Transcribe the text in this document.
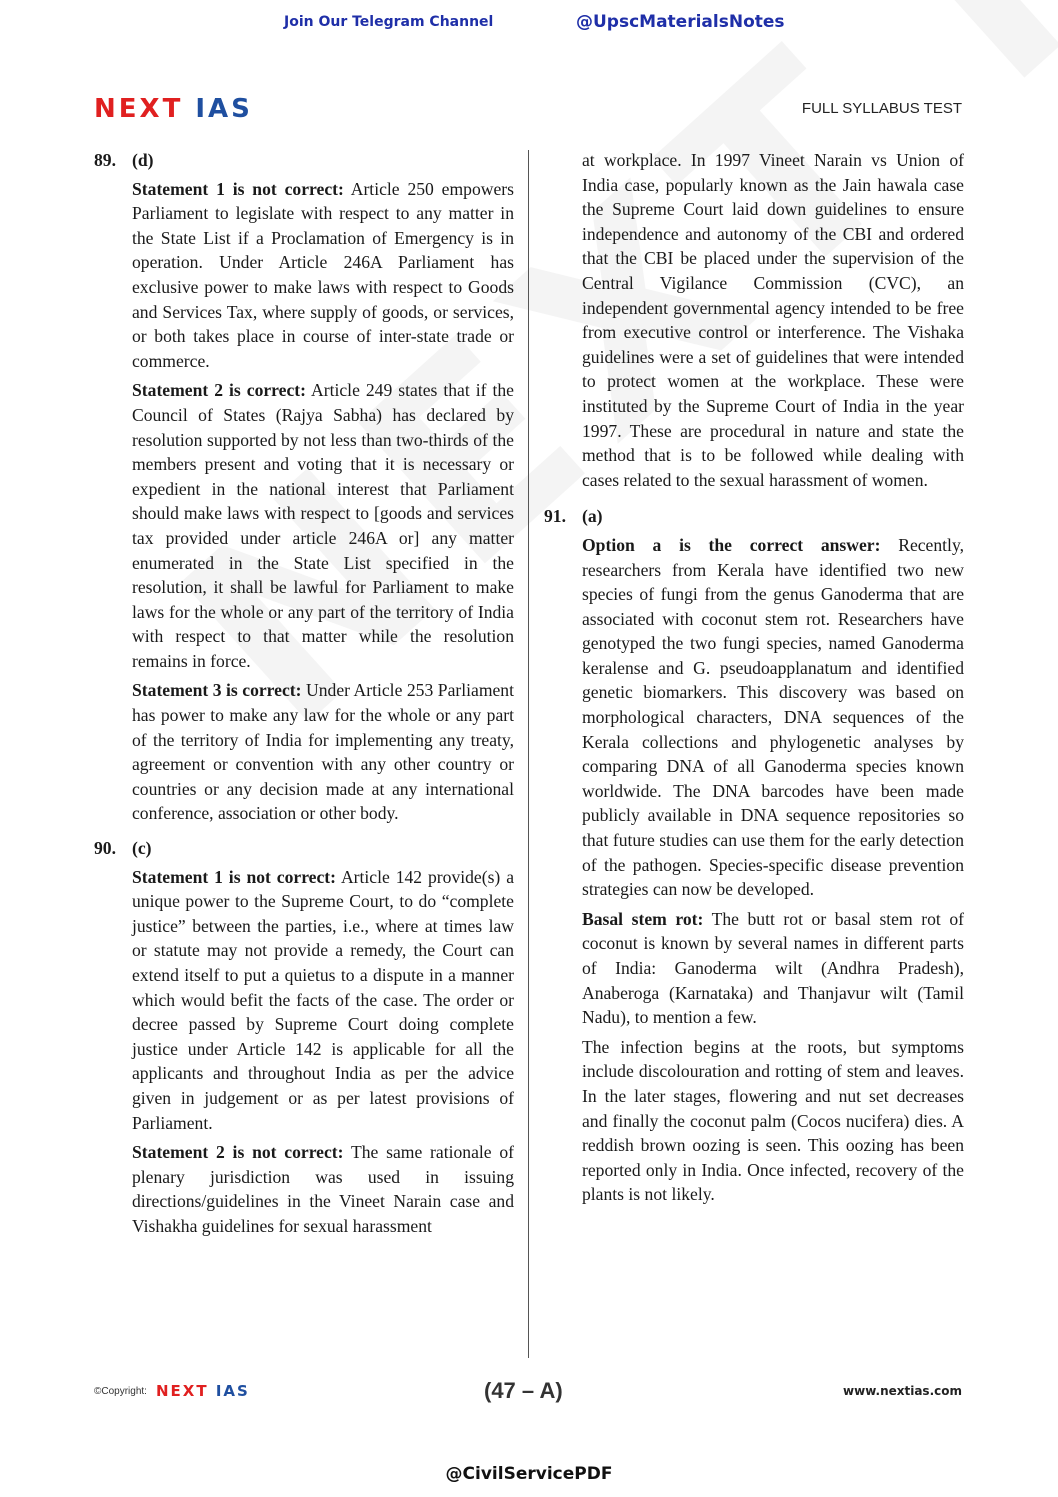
Join Our Telegram Channel	@UpscMaterialsNotes
NEXT IAS	FULL SYLLABUS TEST
89. (d)

Statement 1 is not correct: Article 250 empowers Parliament to legislate with respect to any matter in the State List if a Proclamation of Emergency is in operation. Under Article 246A Parliament has exclusive power to make laws with respect to Goods and Services Tax, where supply of goods, or services, or both takes place in course of inter-state trade or commerce.

Statement 2 is correct: Article 249 states that if the Council of States (Rajya Sabha) has declared by resolution supported by not less than two-thirds of the members present and voting that it is necessary or expedient in the national interest that Parliament should make laws with respect to [goods and services tax provided under article 246A or] any matter enumerated in the State List specified in the resolution, it shall be lawful for Parliament to make laws for the whole or any part of the territory of India with respect to that matter while the resolution remains in force.

Statement 3 is correct: Under Article 253 Parliament has power to make any law for the whole or any part of the territory of India for implementing any treaty, agreement or convention with any other country or countries or any decision made at any international conference, association or other body.

90. (c)

Statement 1 is not correct: Article 142 provide(s) a unique power to the Supreme Court, to do “complete justice” between the parties, i.e., where at times law or statute may not provide a remedy, the Court can extend itself to put a quietus to a dispute in a manner which would befit the facts of the case. The order or decree passed by Supreme Court doing complete justice under Article 142 is applicable for all the applicants and throughout India as per the advice given in judgement or as per latest provisions of Parliament.

Statement 2 is not correct: The same rationale of plenary jurisdiction was used in issuing directions/guidelines in the Vineet Narain case and Vishakha guidelines for sexual harassment

at workplace. In 1997 Vineet Narain vs Union of India case, popularly known as the Jain hawala case the Supreme Court laid down guidelines to ensure independence and autonomy of the CBI and ordered that the CBI be placed under the supervision of the Central Vigilance Commission (CVC), an independent governmental agency intended to be free from executive control or interference. The Vishaka guidelines were a set of guidelines that were intended to protect women at the workplace. These were instituted by the Supreme Court of India in the year 1997. These are procedural in nature and state the method that is to be followed while dealing with cases related to the sexual harassment of women.

91. (a)

Option a is the correct answer: Recently, researchers from Kerala have identified two new species of fungi from the genus Ganoderma that are associated with coconut stem rot. Researchers have genotyped the two fungi species, named Ganoderma keralense and G. pseudoapplanatum and identified genetic biomarkers. This discovery was based on morphological characters, DNA sequences of the Kerala collections and phylogenetic analyses by comparing DNA of all Ganoderma species known worldwide. The DNA barcodes have been made publicly available in DNA sequence repositories so that future studies can use them for the early detection of the pathogen. Species-specific disease prevention strategies can now be developed.

Basal stem rot: The butt rot or basal stem rot of coconut is known by several names in different parts of India: Ganoderma wilt (Andhra Pradesh), Anaberoga (Karnataka) and Thanjavur wilt (Tamil Nadu), to mention a few.

The infection begins at the roots, but symptoms include discolouration and rotting of stem and leaves. In the later stages, flowering and nut set decreases and finally the coconut palm (Cocos nucifera) dies. A reddish brown oozing is seen. This oozing has been reported only in India. Once infected, recovery of the plants is not likely.

©Copyright: NEXT IAS	(47 – A)	www.nextias.com
@CivilServicePDF
